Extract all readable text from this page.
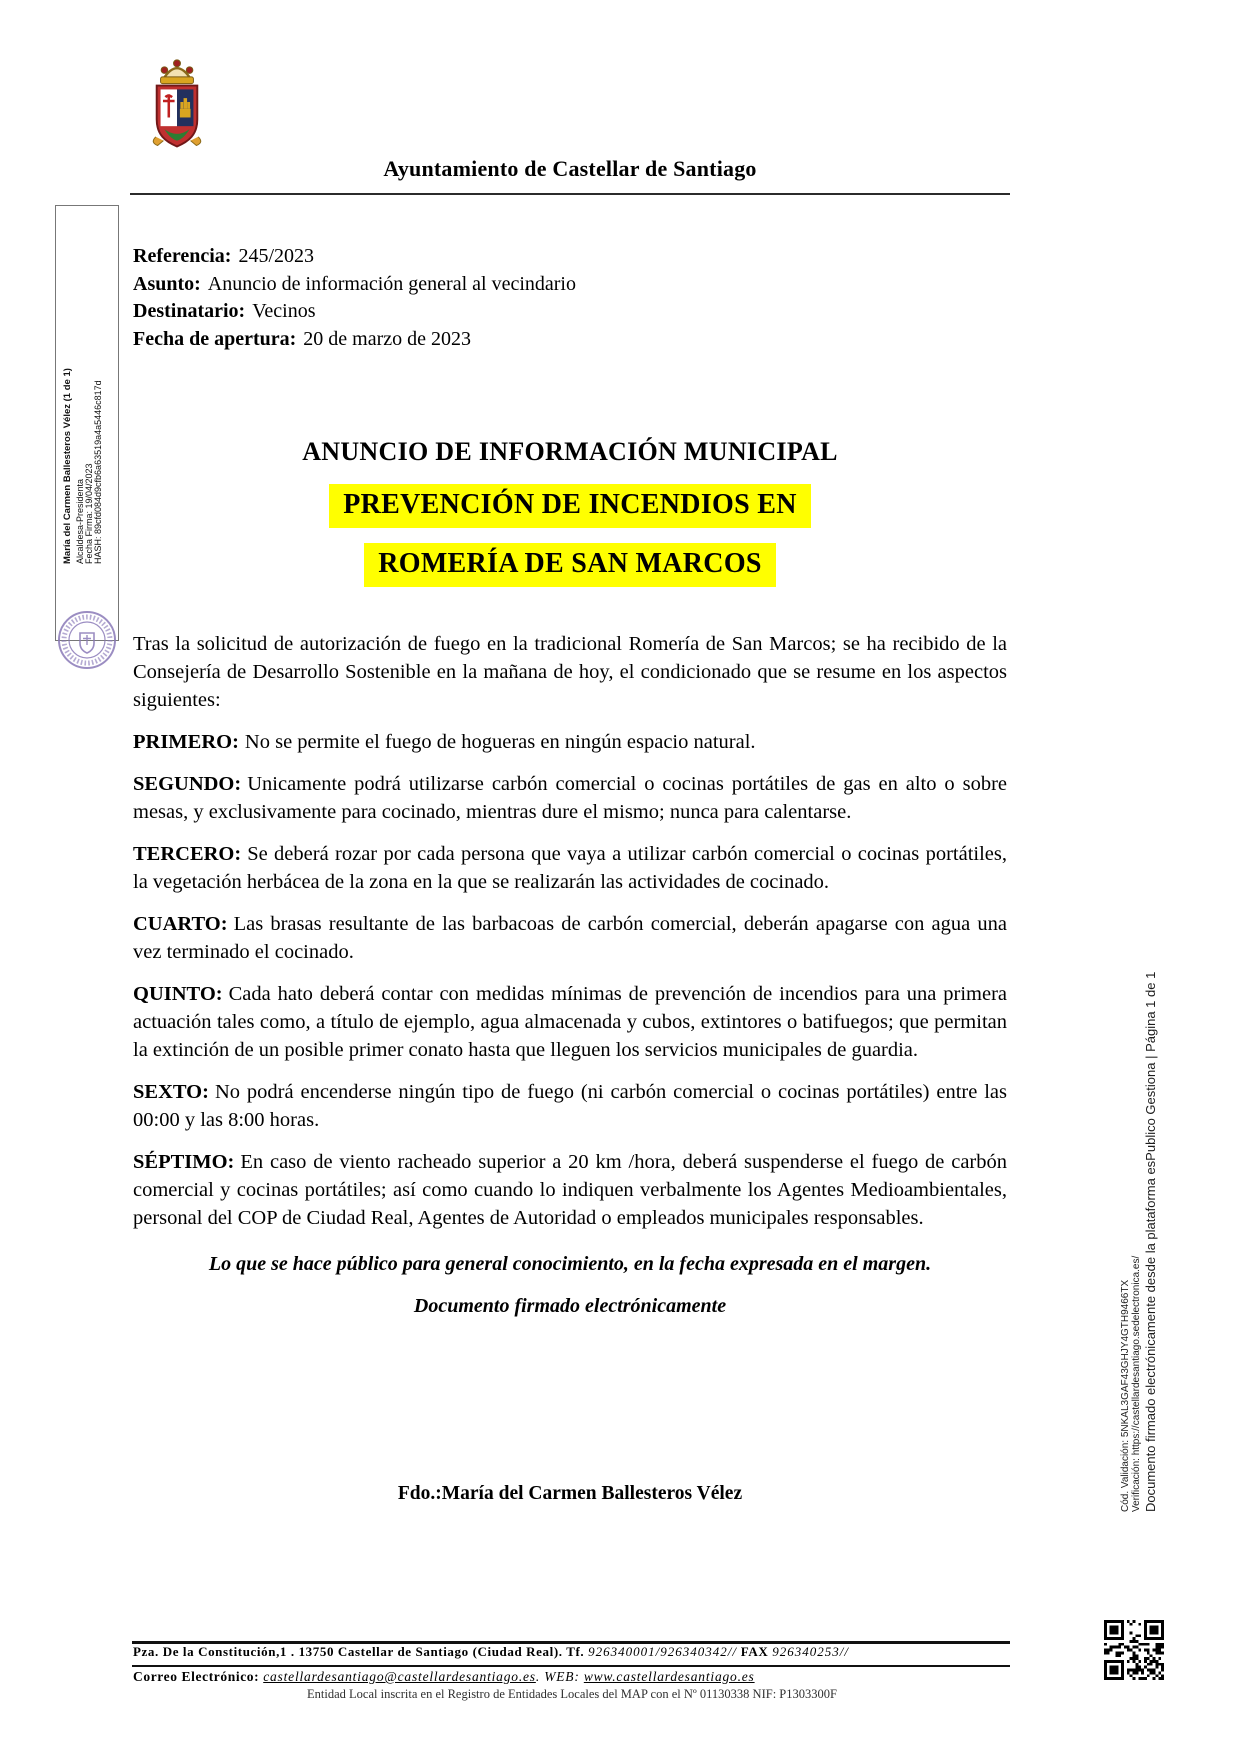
Ayuntamiento de Castellar de Santiago
María del Carmen Ballesteros Vélez (1 de 1) Alcaldesa-Presidenta Fecha Firma: 19/04/2023 HASH: 89cfd084d9cfb6a63519a4a5446c817d
Referencia: 245/2023
Asunto: Anuncio de información general al vecindario
Destinatario: Vecinos
Fecha de apertura: 20 de marzo de 2023
ANUNCIO DE INFORMACIÓN MUNICIPAL
PREVENCIÓN DE INCENDIOS EN
ROMERÍA DE SAN MARCOS

Tras la solicitud de autorización de fuego en la tradicional Romería de San Marcos; se ha recibido de la Consejería de Desarrollo Sostenible en la mañana de hoy, el condicionado que se resume en los aspectos siguientes:

PRIMERO: No se permite el fuego de hogueras en ningún espacio natural.

SEGUNDO: Unicamente podrá utilizarse carbón comercial o cocinas portátiles de gas en alto o sobre mesas, y exclusivamente para cocinado, mientras dure el mismo; nunca para calentarse.

TERCERO: Se deberá rozar por cada persona que vaya a utilizar carbón comercial o cocinas portátiles, la vegetación herbácea de la zona en la que se realizarán las actividades de cocinado.

CUARTO: Las brasas resultante de las barbacoas de carbón comercial, deberán apagarse con agua una vez terminado el cocinado.

QUINTO: Cada hato deberá contar con medidas mínimas de prevención de incendios para una primera actuación tales como, a título de ejemplo, agua almacenada y cubos, extintores o batifuegos; que permitan la extinción de un posible primer conato hasta que lleguen los servicios municipales de guardia.

SEXTO: No podrá encenderse ningún tipo de fuego (ni carbón comercial o cocinas portátiles) entre las 00:00 y las 8:00 horas.

SÉPTIMO: En caso de viento racheado superior a 20 km /hora, deberá suspenderse el fuego de carbón comercial y cocinas portátiles; así como cuando lo indiquen verbalmente los Agentes Medioambientales, personal del COP de Ciudad Real, Agentes de Autoridad o empleados municipales responsables.

Lo que se hace público para general conocimiento, en la fecha expresada en el margen.

Documento firmado electrónicamente

Fdo.:María del Carmen Ballesteros Vélez	Cód. Validación: 5NKAL3GAF43GHJY4GTH9466TX Verificación: https://castellardesantiago.sedelectronica.es/ Documento firmado electrónicamente desde la plataforma esPublico Gestiona | Página 1 de 1
Pza. De la Constitución,1 . 13750 Castellar de Santiago (Ciudad Real). Tf. 926340001/926340342// FAX 926340253//
Correo Electrónico: castellardesantiago@castellardesantiago.es. WEB: www.castellardesantiago.es
Entidad Local inscrita en el Registro de Entidades Locales del MAP con el Nº 01130338 NIF: P1303300F
